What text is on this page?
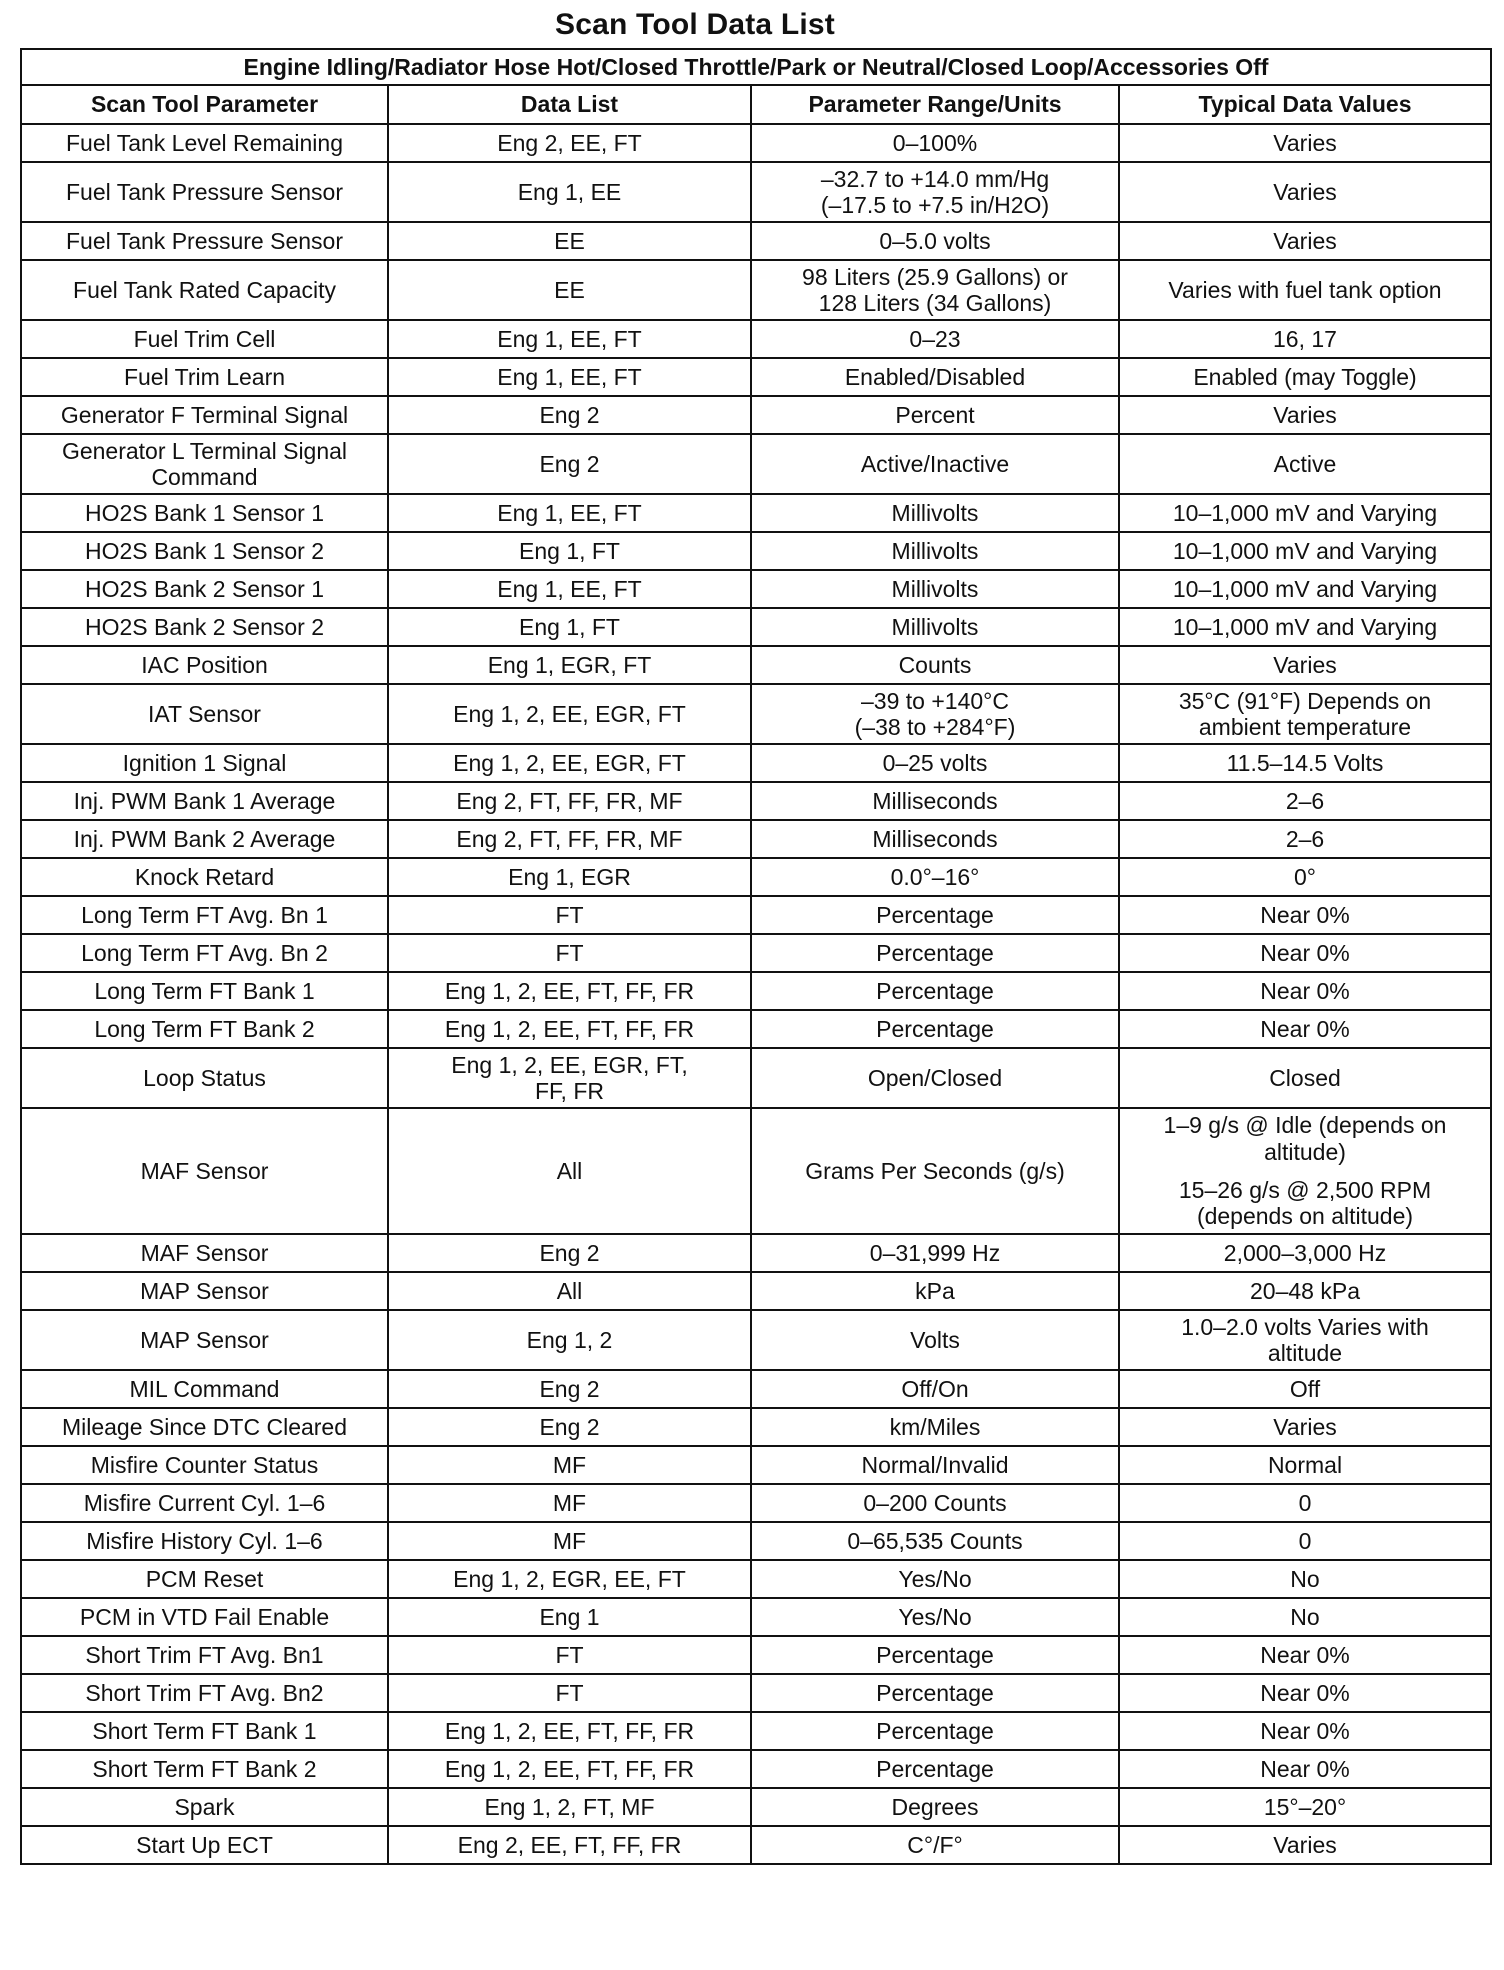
Scan Tool Data List
Engine Idling/Radiator Hose Hot/Closed Throttle/Park or Neutral/Closed Loop/Accessories Off			
Scan Tool Parameter	Data List	Parameter Range/Units	Typical Data Values

Fuel Tank Level Remaining	Eng 2, EE, FT	0–100%	Varies

Fuel Tank Pressure Sensor	Eng 1, EE	–32.7 to +14.0 mm/Hg
(–17.5 to +7.5 in/H2O)	Varies

Fuel Tank Pressure Sensor	EE	0–5.0 volts	Varies

Fuel Tank Rated Capacity	EE	98 Liters (25.9 Gallons) or
128 Liters (34 Gallons)	Varies with fuel tank option

Fuel Trim Cell	Eng 1, EE, FT	0–23	16, 17

Fuel Trim Learn	Eng 1, EE, FT	Enabled/Disabled	Enabled (may Toggle)

Generator F Terminal Signal	Eng 2	Percent	Varies

Generator L Terminal Signal
Command	Eng 2	Active/Inactive	Active

HO2S Bank 1 Sensor 1	Eng 1, EE, FT	Millivolts	10–1,000 mV and Varying

HO2S Bank 1 Sensor 2	Eng 1, FT	Millivolts	10–1,000 mV and Varying

HO2S Bank 2 Sensor 1	Eng 1, EE, FT	Millivolts	10–1,000 mV and Varying

HO2S Bank 2 Sensor 2	Eng 1, FT	Millivolts	10–1,000 mV and Varying

IAC Position	Eng 1, EGR, FT	Counts	Varies

IAT Sensor	Eng 1, 2, EE, EGR, FT	–39 to +140°C
(–38 to +284°F)	35°C (91°F) Depends on
ambient temperature

Ignition 1 Signal	Eng 1, 2, EE, EGR, FT	0–25 volts	11.5–14.5 Volts

Inj. PWM Bank 1 Average	Eng 2, FT, FF, FR, MF	Milliseconds	2–6

Inj. PWM Bank 2 Average	Eng 2, FT, FF, FR, MF	Milliseconds	2–6

Knock Retard	Eng 1, EGR	0.0°–16°	0°

Long Term FT Avg. Bn 1	FT	Percentage	Near 0%

Long Term FT Avg. Bn 2	FT	Percentage	Near 0%

Long Term FT Bank 1	Eng 1, 2, EE, FT, FF, FR	Percentage	Near 0%

Long Term FT Bank 2	Eng 1, 2, EE, FT, FF, FR	Percentage	Near 0%

Loop Status	Eng 1, 2, EE, EGR, FT,
FF, FR	Open/Closed	Closed

MAF Sensor	All	Grams Per Seconds (g/s)	1–9 g/s @ Idle (depends on
altitude)
15–26 g/s @ 2,500 RPM
(depends on altitude)

MAF Sensor	Eng 2	0–31,999 Hz	2,000–3,000 Hz

MAP Sensor	All	kPa	20–48 kPa

MAP Sensor	Eng 1, 2	Volts	1.0–2.0 volts Varies with
altitude

MIL Command	Eng 2	Off/On	Off

Mileage Since DTC Cleared	Eng 2	km/Miles	Varies

Misfire Counter Status	MF	Normal/Invalid	Normal

Misfire Current Cyl. 1–6	MF	0–200 Counts	0

Misfire History Cyl. 1–6	MF	0–65,535 Counts	0

PCM Reset	Eng 1, 2, EGR, EE, FT	Yes/No	No

PCM in VTD Fail Enable	Eng 1	Yes/No	No

Short Trim FT Avg. Bn1	FT	Percentage	Near 0%

Short Trim FT Avg. Bn2	FT	Percentage	Near 0%

Short Term FT Bank 1	Eng 1, 2, EE, FT, FF, FR	Percentage	Near 0%

Short Term FT Bank 2	Eng 1, 2, EE, FT, FF, FR	Percentage	Near 0%

Spark	Eng 1, 2, FT, MF	Degrees	15°–20°

Start Up ECT	Eng 2, EE, FT, FF, FR	C°/F°	Varies
